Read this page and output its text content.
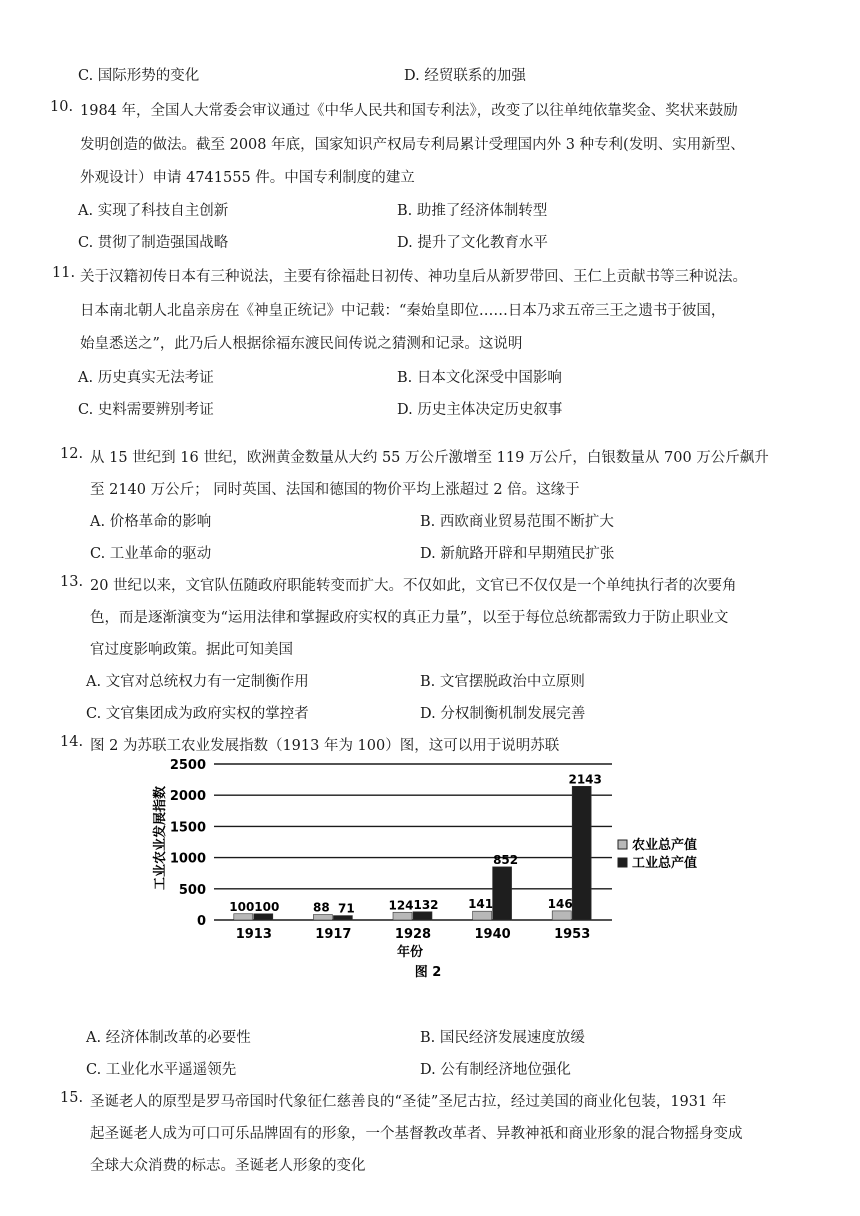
C. 国际形势的变化	D. 经贸联系的加强
10. 1984 年，全国人大常委会审议通过《中华人民共和国专利法》，改变了以往单纯依靠奖金、奖状来鼓励
发明创造的做法。截至 2008 年底，国家知识产权局专利局累计受理国内外 3 种专利(发明、实用新型、
外观设计）申请 4741555 件。中国专利制度的建立
A. 实现了科技自主创新	B. 助推了经济体制转型
C. 贯彻了制造强国战略	D. 提升了文化教育水平
11. 关于汉籍初传日本有三种说法，主要有徐福赴日初传、神功皇后从新罗带回、王仁上贡献书等三种说法。
日本南北朝人北畠亲房在《神皇正统记》中记载：“秦始皇即位……日本乃求五帝三王之遗书于彼国，
始皇悉送之”，此乃后人根据徐福东渡民间传说之猜测和记录。这说明
A. 历史真实无法考证	B. 日本文化深受中国影响
C. 史料需要辨别考证	D. 历史主体决定历史叙事
12. 从 15 世纪到 16 世纪，欧洲黄金数量从大约 55 万公斤激增至 119 万公斤，白银数量从 700 万公斤飙升
至 2140 万公斤； 同时英国、法国和德国的物价平均上涨超过 2 倍。这缘于
A. 价格革命的影响	B. 西欧商业贸易范围不断扩大
C. 工业革命的驱动	D. 新航路开辟和早期殖民扩张
13. 20 世纪以来，文官队伍随政府职能转变而扩大。不仅如此，文官已不仅仅是一个单纯执行者的次要角
色，而是逐渐演变为“运用法律和掌握政府实权的真正力量”，以至于每位总统都需致力于防止职业文
官过度影响政策。据此可知美国
A. 文官对总统权力有一定制衡作用	B. 文官摆脱政治中立原则
C. 文官集团成为政府实权的掌控者	D. 分权制衡机制发展完善
14. 图 2 为苏联工农业发展指数（1913 年为 100）图，这可以用于说明苏联
0
500
1000
1500
2000
2500
1913	1917	1928	1940	1953
100 100	88 71	124 132 141
852
146
2143
工业农业发展指数
年份
图 2
农业总产值
工业总产值
A. 经济体制改革的必要性	B. 国民经济发展速度放缓
C. 工业化水平遥遥领先	D. 公有制经济地位强化
15. 圣诞老人的原型是罗马帝国时代象征仁慈善良的“圣徒”圣尼古拉，经过美国的商业化包装，1931 年
起圣诞老人成为可口可乐品牌固有的形象，一个基督教改革者、异教神祇和商业形象的混合物摇身变成
全球大众消费的标志。圣诞老人形象的变化
